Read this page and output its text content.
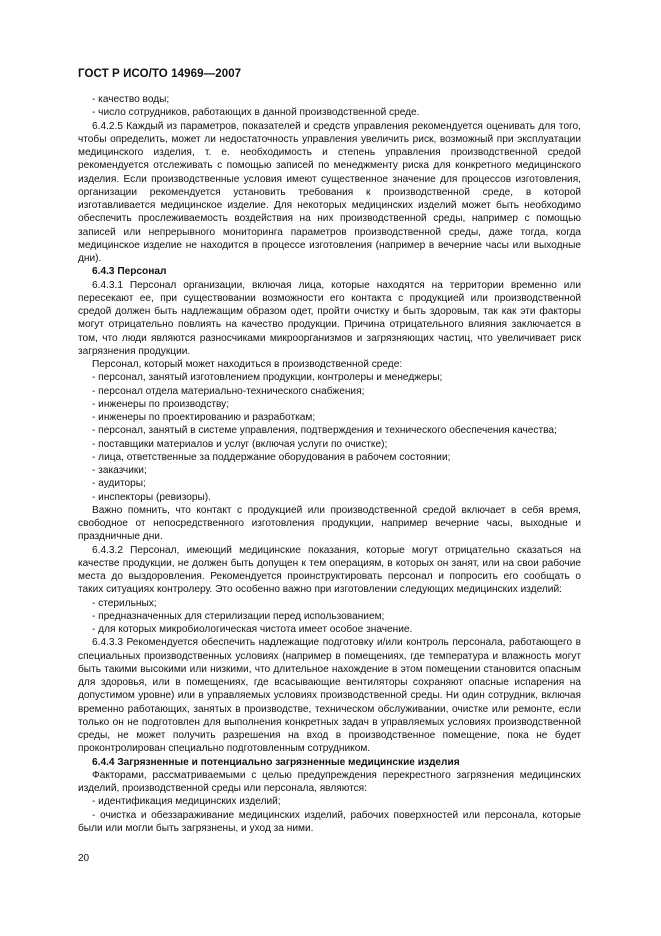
ГОСТ Р ИСО/ТО 14969—2007

- качество воды;

- число сотрудников, работающих в данной производственной среде.

6.4.2.5 Каждый из параметров, показателей и средств управления рекомендуется оценивать для того, чтобы определить, может ли недостаточность управления увеличить риск, возможный при эксплуатации медицинского изделия, т. е. необходимость и степень управления производственной средой рекомендуется отслеживать с помощью записей по менеджменту риска для конкретного медицинского изделия. Если производственные условия имеют существенное значение для процессов изготовления, организации рекомендуется установить требования к производственной среде, в которой изготавливается медицинское изделие. Для некоторых медицинских изделий может быть необходимо обеспечить прослеживаемость воздействия на них производственной среды, например с помощью записей или непрерывного мониторинга параметров производственной среды, даже тогда, когда медицинское изделие не находится в процессе изготовления (например в вечерние часы или выходные дни).

6.4.3 Персонал

6.4.3.1 Персонал организации, включая лица, которые находятся на территории временно или пересекают ее, при существовании возможности его контакта с продукцией или производственной средой должен быть надлежащим образом одет, пройти очистку и быть здоровым, так как эти факторы могут отрицательно повлиять на качество продукции. Причина отрицательного влияния заключается в том, что люди являются разносчиками микроорганизмов и загрязняющих частиц, что увеличивает риск загрязнения продукции.

Персонал, который может находиться в производственной среде:

- персонал, занятый изготовлением продукции, контролеры и менеджеры;

- персонал отдела материально-технического снабжения;

- инженеры по производству;

- инженеры по проектированию и разработкам;

- персонал, занятый в системе управления, подтверждения и технического обеспечения качества;

- поставщики материалов и услуг (включая услуги по очистке);

- лица, ответственные за поддержание оборудования в рабочем состоянии;

- заказчики;

- аудиторы;

- инспекторы (ревизоры).

Важно помнить, что контакт с продукцией или производственной средой включает в себя время, свободное от непосредственного изготовления продукции, например вечерние часы, выходные и праздничные дни.

6.4.3.2 Персонал, имеющий медицинские показания, которые могут отрицательно сказаться на качестве продукции, не должен быть допущен к тем операциям, в которых он занят, или на свои рабочие места до выздоровления. Рекомендуется проинструктировать персонал и попросить его сообщать о таких ситуациях контролеру. Это особенно важно при изготовлении следующих медицинских изделий:

- стерильных;

- предназначенных для стерилизации перед использованием;

- для которых микробиологическая чистота имеет особое значение.

6.4.3.3 Рекомендуется обеспечить надлежащие подготовку и/или контроль персонала, работающего в специальных производственных условиях (например в помещениях, где температура и влажность могут быть такими высокими или низкими, что длительное нахождение в этом помещении становится опасным для здоровья, или в помещениях, где всасывающие вентиляторы сохраняют опасные испарения на допустимом уровне) или в управляемых условиях производственной среды. Ни один сотрудник, включая временно работающих, занятых в производстве, техническом обслуживании, очистке или ремонте, если только он не подготовлен для выполнения конкретных задач в управляемых условиях производственной среды, не может получить разрешения на вход в производственное помещение, пока не будет проконтролирован специально подготовленным сотрудником.

6.4.4 Загрязненные и потенциально загрязненные медицинские изделия

Факторами, рассматриваемыми с целью предупреждения перекрестного загрязнения медицинских изделий, производственной среды или персонала, являются:

- идентификация медицинских изделий;

- очистка и обеззараживание медицинских изделий, рабочих поверхностей или персонала, которые были или могли быть загрязнены, и уход за ними.

20
